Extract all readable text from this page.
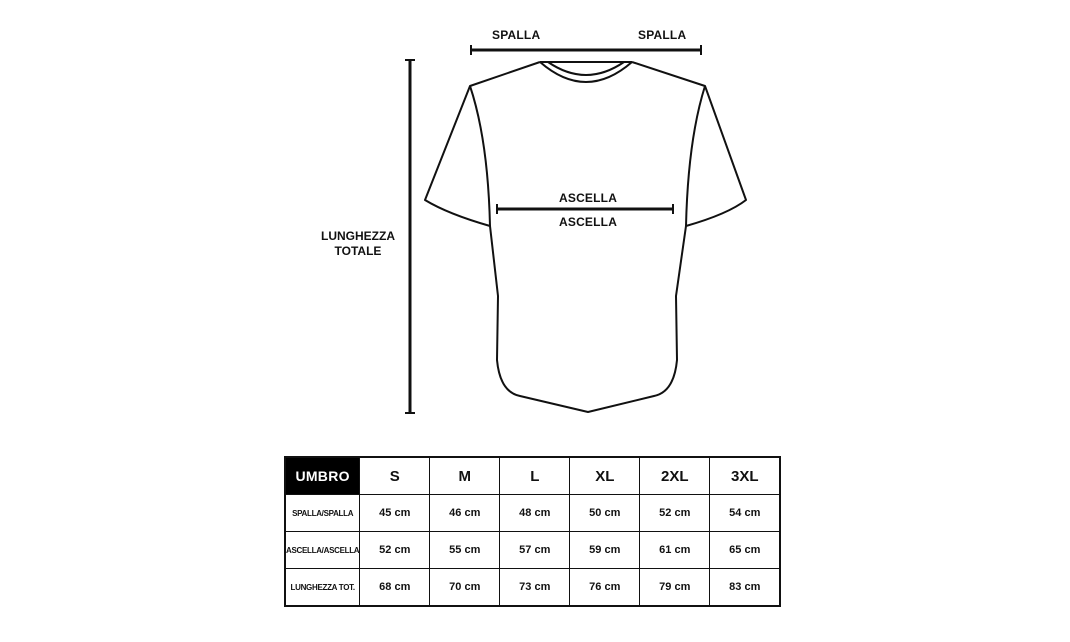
SPALLA	SPALLA
ASCELLA
ASCELLA
LUNGHEZZA
TOTALE
UMBRO	S	M	L	XL	2XL	3XL
SPALLA/SPALLA	45 cm	46 cm	48 cm	50 cm	52 cm	54 cm
ASCELLA/ASCELLA	52 cm	55 cm	57 cm	59 cm	61 cm	65 cm
LUNGHEZZA TOT.	68 cm	70 cm	73 cm	76 cm	79 cm	83 cm
